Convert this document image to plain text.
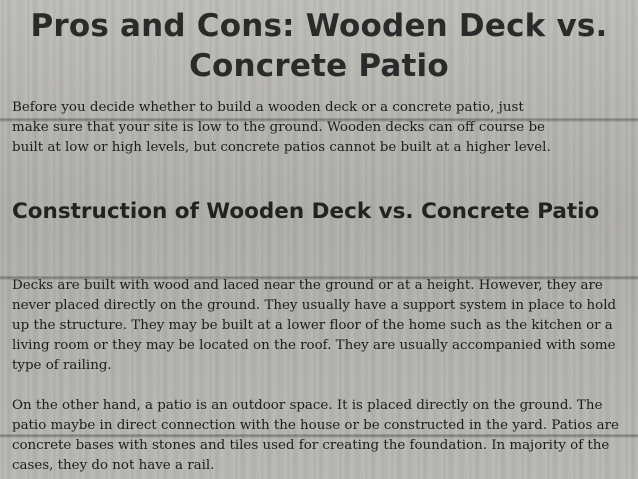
Pros and Cons: Wooden Deck vs. Concrete Patio

Before you decide whether to build a wooden deck or a concrete patio, just make sure that your site is low to the ground. Wooden decks can off course be built at low or high levels, but concrete patios cannot be built at a higher level.

Construction of Wooden Deck vs. Concrete Patio

Decks are built with wood and laced near the ground or at a height. However, they are never placed directly on the ground. They usually have a support system in place to hold up the structure. They may be built at a lower floor of the home such as the kitchen or a living room or they may be located on the roof. They are usually accompanied with some type of railing.

On the other hand, a patio is an outdoor space. It is placed directly on the ground. The patio maybe in direct connection with the house or be constructed in the yard. Patios are concrete bases with stones and tiles used for creating the foundation. In majority of the cases, they do not have a rail.
